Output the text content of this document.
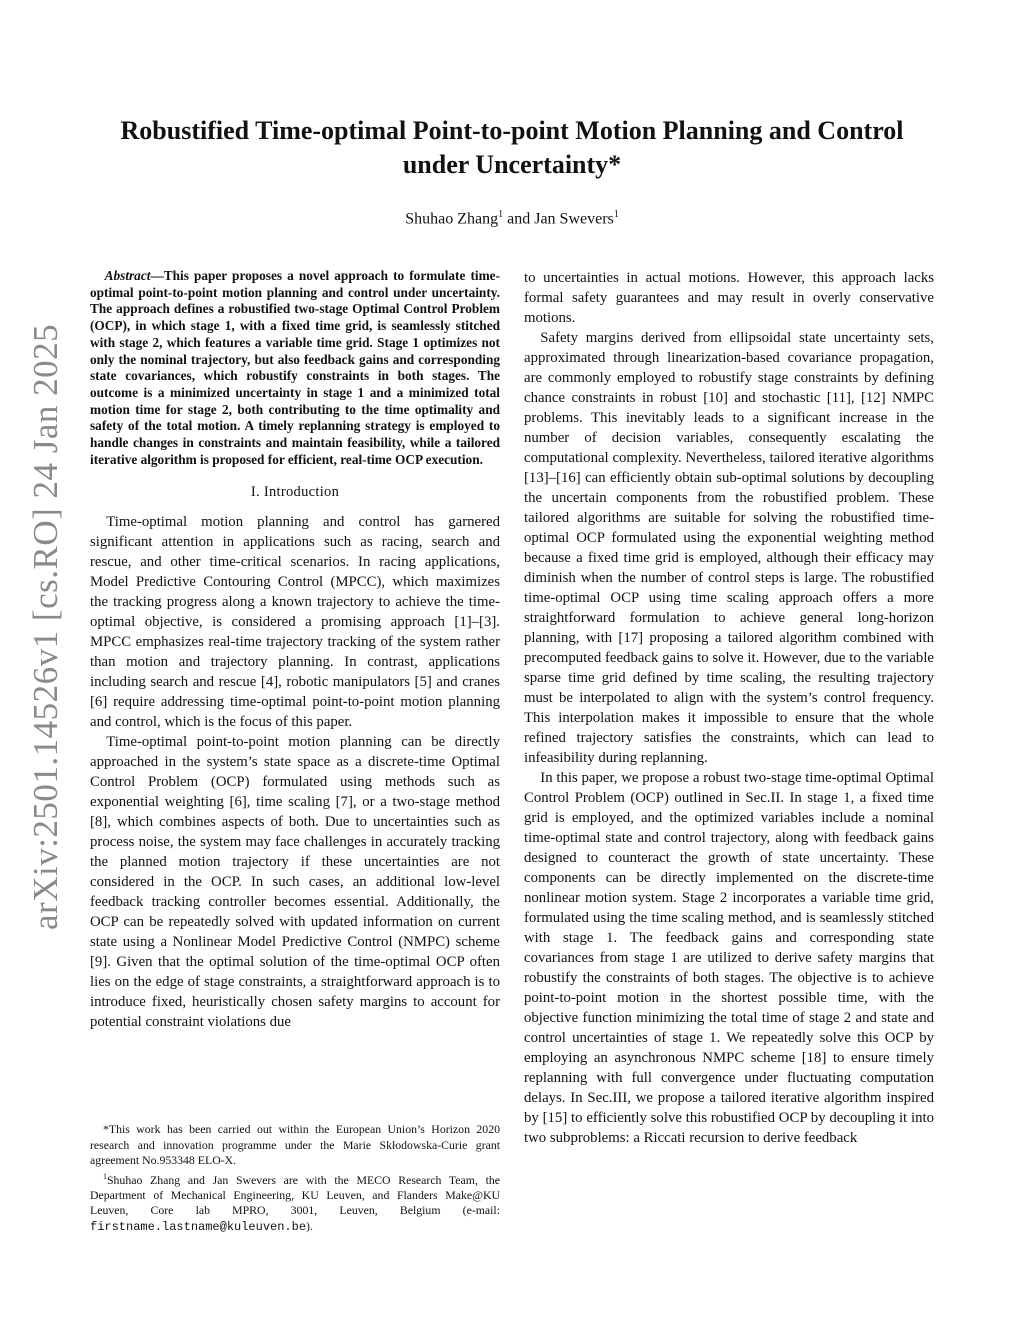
arXiv:2501.14526v1 [cs.RO] 24 Jan 2025
Robustified Time-optimal Point-to-point Motion Planning and Control under Uncertainty*

Shuhao Zhang$^1$ and Jan Swevers$^1$

Abstract—This paper proposes a novel approach to formulate time-optimal point-to-point motion planning and control under uncertainty. The approach defines a robustified two-stage Optimal Control Problem (OCP), in which stage 1, with a fixed time grid, is seamlessly stitched with stage 2, which features a variable time grid. Stage 1 optimizes not only the nominal trajectory, but also feedback gains and corresponding state covariances, which robustify constraints in both stages. The outcome is a minimized uncertainty in stage 1 and a minimized total motion time for stage 2, both contributing to the time optimality and safety of the total motion. A timely replanning strategy is employed to handle changes in constraints and maintain feasibility, while a tailored iterative algorithm is proposed for efficient, real-time OCP execution.

I. Introduction

Time-optimal motion planning and control has garnered significant attention in applications such as racing, search and rescue, and other time-critical scenarios. In racing applications, Model Predictive Contouring Control (MPCC), which maximizes the tracking progress along a known trajectory to achieve the time-optimal objective, is considered a promising approach [1]–[3]. MPCC emphasizes real-time trajectory tracking of the system rather than motion and trajectory planning. In contrast, applications including search and rescue [4], robotic manipulators [5] and cranes [6] require addressing time-optimal point-to-point motion planning and control, which is the focus of this paper.

Time-optimal point-to-point motion planning can be directly approached in the system’s state space as a discrete-time Optimal Control Problem (OCP) formulated using methods such as exponential weighting [6], time scaling [7], or a two-stage method [8], which combines aspects of both. Due to uncertainties such as process noise, the system may face challenges in accurately tracking the planned motion trajectory if these uncertainties are not considered in the OCP. In such cases, an additional low-level feedback tracking controller becomes essential. Additionally, the OCP can be repeatedly solved with updated information on current state using a Nonlinear Model Predictive Control (NMPC) scheme [9]. Given that the optimal solution of the time-optimal OCP often lies on the edge of stage constraints, a straightforward approach is to introduce fixed, heuristically chosen safety margins to account for potential constraint violations due

*This work has been carried out within the European Union’s Horizon 2020 research and innovation programme under the Marie Skłodowska-Curie grant agreement No.953348 ELO-X.

$^1$Shuhao Zhang and Jan Swevers are with the MECO Research Team, the Department of Mechanical Engineering, KU Leuven, and Flanders Make@KU Leuven, Core lab MPRO, 3001, Leuven, Belgium (e-mail: firstname.lastname@kuleuven.be).

to uncertainties in actual motions. However, this approach lacks formal safety guarantees and may result in overly conservative motions.

Safety margins derived from ellipsoidal state uncertainty sets, approximated through linearization-based covariance propagation, are commonly employed to robustify stage constraints by defining chance constraints in robust [10] and stochastic [11], [12] NMPC problems. This inevitably leads to a significant increase in the number of decision variables, consequently escalating the computational complexity. Nevertheless, tailored iterative algorithms [13]–[16] can efficiently obtain sub-optimal solutions by decoupling the uncertain components from the robustified problem. These tailored algorithms are suitable for solving the robustified time-optimal OCP formulated using the exponential weighting method because a fixed time grid is employed, although their efficacy may diminish when the number of control steps is large. The robustified time-optimal OCP using time scaling approach offers a more straightforward formulation to achieve general long-horizon planning, with [17] proposing a tailored algorithm combined with precomputed feedback gains to solve it. However, due to the variable sparse time grid defined by time scaling, the resulting trajectory must be interpolated to align with the system’s control frequency. This interpolation makes it impossible to ensure that the whole refined trajectory satisfies the constraints, which can lead to infeasibility during replanning.

In this paper, we propose a robust two-stage time-optimal Optimal Control Problem (OCP) outlined in Sec.II. In stage 1, a fixed time grid is employed, and the optimized variables include a nominal time-optimal state and control trajectory, along with feedback gains designed to counteract the growth of state uncertainty. These components can be directly implemented on the discrete-time nonlinear motion system. Stage 2 incorporates a variable time grid, formulated using the time scaling method, and is seamlessly stitched with stage 1. The feedback gains and corresponding state covariances from stage 1 are utilized to derive safety margins that robustify the constraints of both stages. The objective is to achieve point-to-point motion in the shortest possible time, with the objective function minimizing the total time of stage 2 and state and control uncertainties of stage 1. We repeatedly solve this OCP by employing an asynchronous NMPC scheme [18] to ensure timely replanning with full convergence under fluctuating computation delays. In Sec.III, we propose a tailored iterative algorithm inspired by [15] to efficiently solve this robustified OCP by decoupling it into two subproblems: a Riccati recursion to derive feedback
